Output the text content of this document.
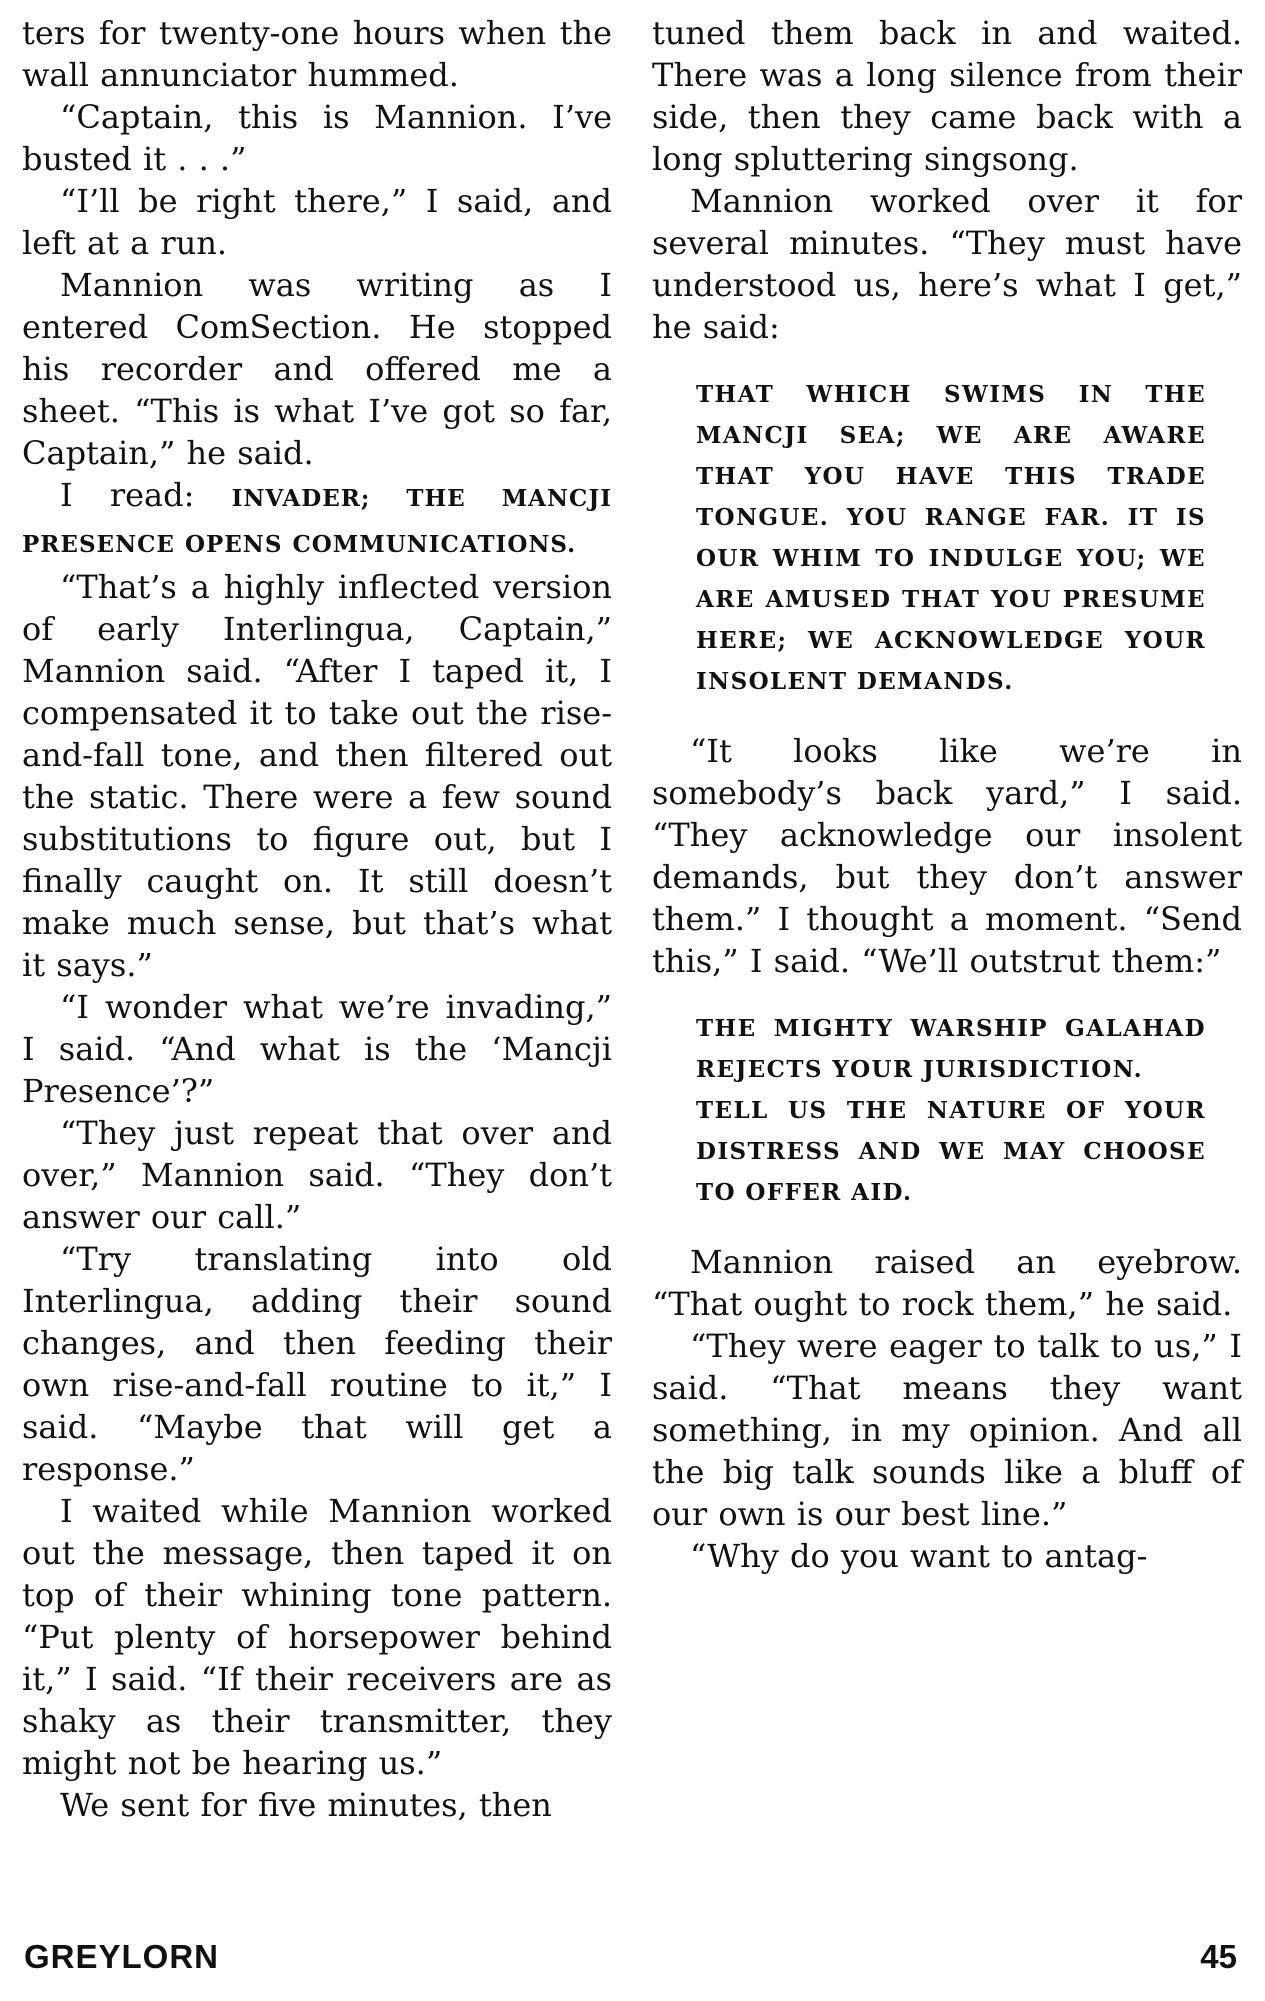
ters for twenty-one hours when the wall annunciator hummed.

“Captain, this is Mannion. I’ve busted it . . .”

“I’ll be right there,” I said, and left at a run.

Mannion was writing as I entered ComSection. He stopped his recorder and offered me a sheet. “This is what I’ve got so far, Captain,” he said.

I read: INVADER; THE MANCJI PRESENCE OPENS COMMUNICATIONS.

“That’s a highly inflected version of early Interlingua, Captain,” Mannion said. “After I taped it, I compensated it to take out the rise-and-fall tone, and then filtered out the static. There were a few sound substitutions to figure out, but I finally caught on. It still doesn’t make much sense, but that’s what it says.”

“I wonder what we’re invading,” I said. “And what is the ‘Mancji Presence’?”

“They just repeat that over and over,” Mannion said. “They don’t answer our call.”

“Try translating into old Interlingua, adding their sound changes, and then feeding their own rise-and-fall routine to it,” I said. “Maybe that will get a response.”

I waited while Mannion worked out the message, then taped it on top of their whining tone pattern. “Put plenty of horsepower behind it,” I said. “If their receivers are as shaky as their transmitter, they might not be hearing us.”

We sent for five minutes, then

tuned them back in and waited. There was a long silence from their side, then they came back with a long spluttering singsong.

Mannion worked over it for several minutes. “They must have understood us, here’s what I get,” he said:

THAT WHICH SWIMS IN THE MANCJI SEA; WE ARE AWARE THAT YOU HAVE THIS TRADE TONGUE. YOU RANGE FAR. IT IS OUR WHIM TO INDULGE YOU; WE ARE AMUSED THAT YOU PRESUME HERE; WE ACKNOWLEDGE YOUR INSOLENT DEMANDS.

“It looks like we’re in somebody’s back yard,” I said. “They acknowledge our insolent demands, but they don’t answer them.” I thought a moment. “Send this,” I said. “We’ll outstrut them:”

THE MIGHTY WARSHIP GALAHAD REJECTS YOUR JURISDICTION.
TELL US THE NATURE OF YOUR DISTRESS AND WE MAY CHOOSE TO OFFER AID.

Mannion raised an eyebrow. “That ought to rock them,” he said.

“They were eager to talk to us,” I said. “That means they want something, in my opinion. And all the big talk sounds like a bluff of our own is our best line.”

“Why do you want to antag-

GREYLORN	45
